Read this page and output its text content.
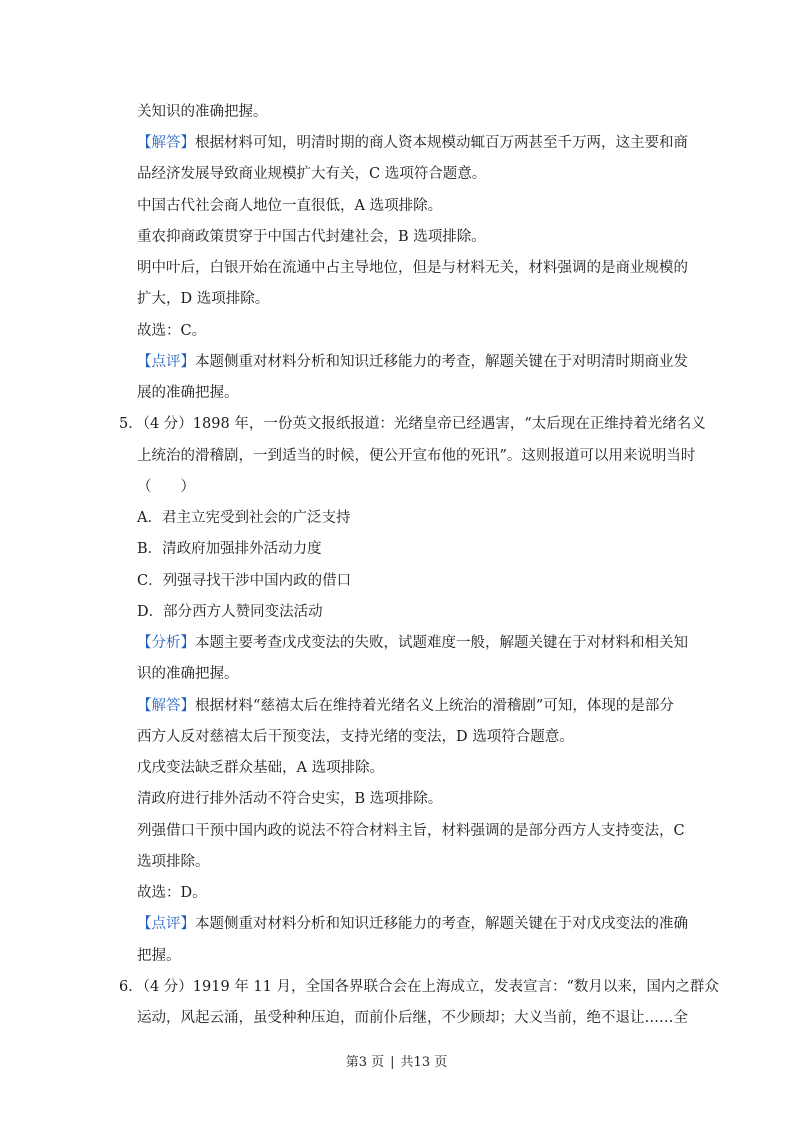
关知识的准确把握。
【解答】根据材料可知，明清时期的商人资本规模动辄百万两甚至千万两，这主要和商
品经济发展导致商业规模扩大有关，C 选项符合题意。
中国古代社会商人地位一直很低，A 选项排除。
重农抑商政策贯穿于中国古代封建社会，B 选项排除。
明中叶后，白银开始在流通中占主导地位，但是与材料无关，材料强调的是商业规模的
扩大，D 选项排除。
故选：C。
【点评】本题侧重对材料分析和知识迁移能力的考查，解题关键在于对明清时期商业发
展的准确把握。
5．（4 分）1898 年，一份英文报纸报道：光绪皇帝已经遇害，“太后现在正维持着光绪名义
上统治的滑稽剧，一到适当的时候，便公开宣布他的死讯”。这则报道可以用来说明当时
（　　）
A．君主立宪受到社会的广泛支持
B．清政府加强排外活动力度
C．列强寻找干涉中国内政的借口
D．部分西方人赞同变法活动
【分析】本题主要考查戊戌变法的失败，试题难度一般，解题关键在于对材料和相关知
识的准确把握。
【解答】根据材料“慈禧太后在维持着光绪名义上统治的滑稽剧”可知，体现的是部分
西方人反对慈禧太后干预变法，支持光绪的变法，D 选项符合题意。
戊戌变法缺乏群众基础，A 选项排除。
清政府进行排外活动不符合史实，B 选项排除。
列强借口干预中国内政的说法不符合材料主旨，材料强调的是部分西方人支持变法，C
选项排除。
故选：D。
【点评】本题侧重对材料分析和知识迁移能力的考查，解题关键在于对戊戌变法的准确
把握。
6．（4 分）1919 年 11 月，全国各界联合会在上海成立，发表宣言：“数月以来，国内之群众
运动，风起云涌，虽受种种压迫，而前仆后继，不少顾却；大义当前，绝不退让……全
第3 页 | 共13 页
